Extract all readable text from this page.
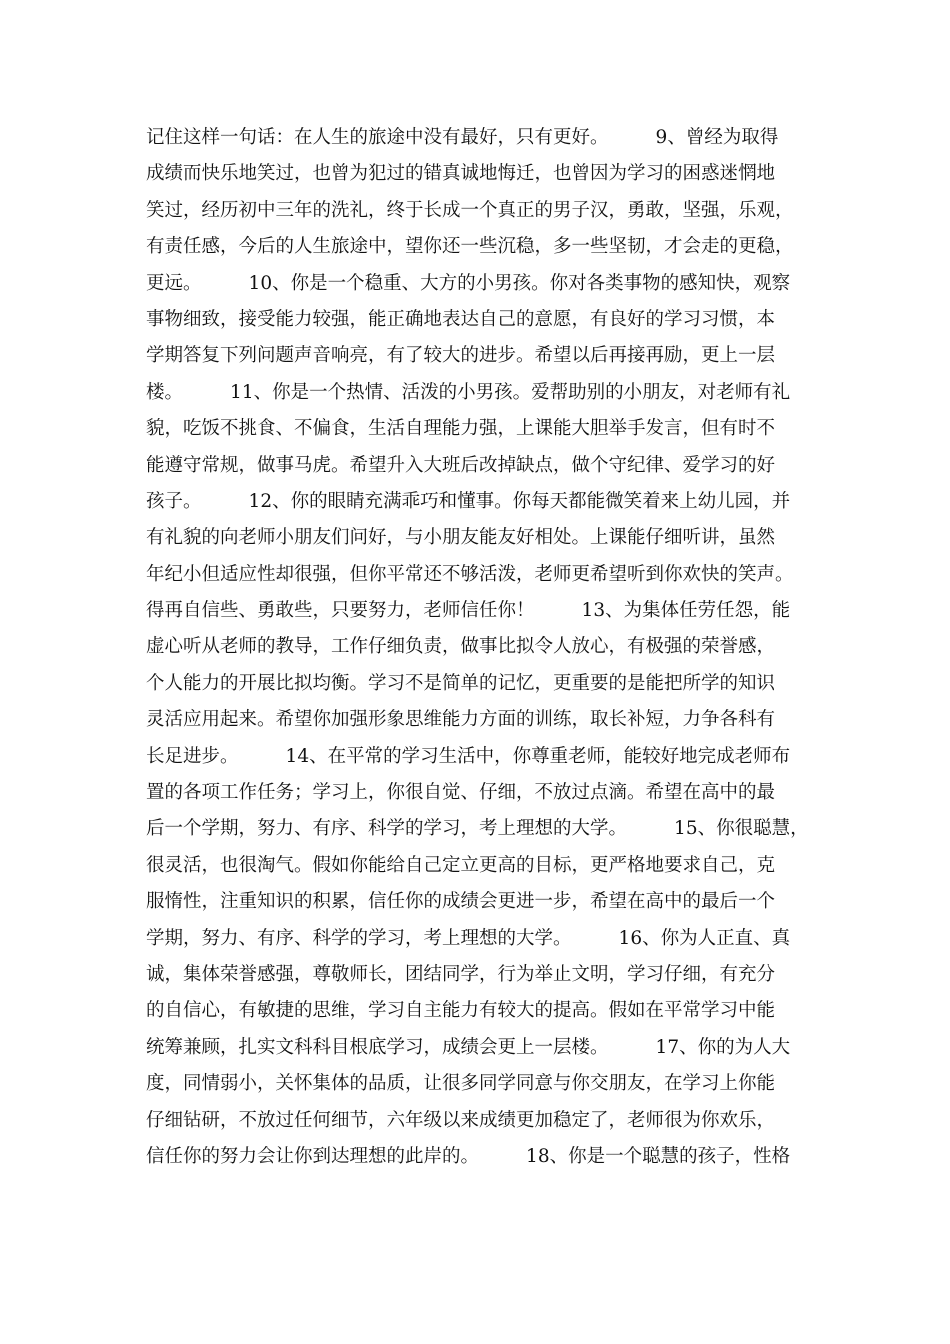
记住这样一句话：在人生的旅途中没有最好，只有更好。        9、曾经为取得
成绩而快乐地笑过，也曾为犯过的错真诚地悔迁，也曾因为学习的困惑迷惘地
笑过，经历初中三年的洗礼，终于长成一个真正的男子汉，勇敢，坚强，乐观，
有责任感，今后的人生旅途中，望你还一些沉稳，多一些坚韧，才会走的更稳，
更远。        10、你是一个稳重、大方的小男孩。你对各类事物的感知快，观察
事物细致，接受能力较强，能正确地表达自己的意愿，有良好的学习习惯，本
学期答复下列问题声音响亮，有了较大的进步。希望以后再接再励，更上一层
楼。        11、你是一个热情、活泼的小男孩。爱帮助别的小朋友，对老师有礼
貌，吃饭不挑食、不偏食，生活自理能力强，上课能大胆举手发言，但有时不
能遵守常规，做事马虎。希望升入大班后改掉缺点，做个守纪律、爱学习的好
孩子。        12、你的眼睛充满乖巧和懂事。你每天都能微笑着来上幼儿园，并
有礼貌的向老师小朋友们问好，与小朋友能友好相处。上课能仔细听讲，虽然
年纪小但适应性却很强，但你平常还不够活泼，老师更希望听到你欢快的笑声。
得再自信些、勇敢些，只要努力，老师信任你！        13、为集体任劳任怨，能
虚心听从老师的教导，工作仔细负责，做事比拟令人放心，有极强的荣誉感，
个人能力的开展比拟均衡。学习不是简单的记忆，更重要的是能把所学的知识
灵活应用起来。希望你加强形象思维能力方面的训练，取长补短，力争各科有
长足进步。        14、在平常的学习生活中，你尊重老师，能较好地完成老师布
置的各项工作任务；学习上，你很自觉、仔细，不放过点滴。希望在高中的最
后一个学期，努力、有序、科学的学习，考上理想的大学。        15、你很聪慧，
很灵活，也很淘气。假如你能给自己定立更高的目标，更严格地要求自己，克
服惰性，注重知识的积累，信任你的成绩会更进一步，希望在高中的最后一个
学期，努力、有序、科学的学习，考上理想的大学。        16、你为人正直、真
诚，集体荣誉感强，尊敬师长，团结同学，行为举止文明，学习仔细，有充分
的自信心，有敏捷的思维，学习自主能力有较大的提高。假如在平常学习中能
统筹兼顾，扎实文科科目根底学习，成绩会更上一层楼。        17、你的为人大
度，同情弱小，关怀集体的品质，让很多同学同意与你交朋友，在学习上你能
仔细钻研，不放过任何细节，六年级以来成绩更加稳定了，老师很为你欢乐，
信任你的努力会让你到达理想的此岸的。        18、你是一个聪慧的孩子，性格
